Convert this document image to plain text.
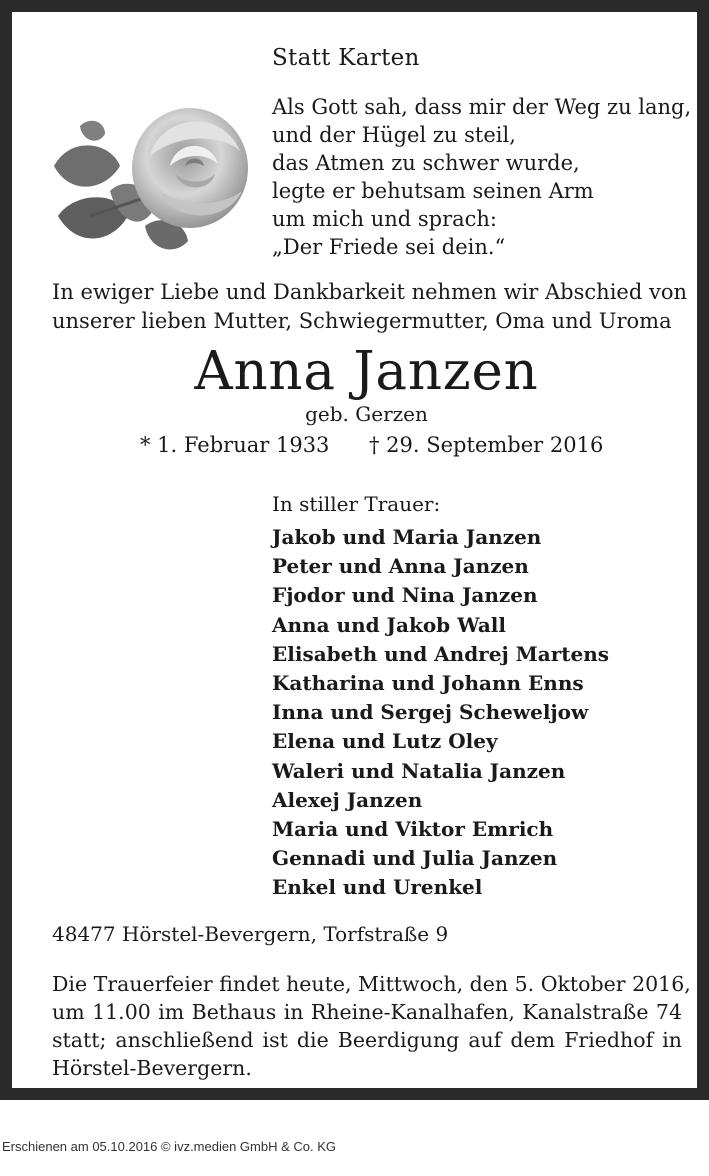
Statt Karten
Als Gott sah, dass mir der Weg zu lang,
und der Hügel zu steil,
das Atmen zu schwer wurde,
legte er behutsam seinen Arm
um mich und sprach:
„Der Friede sei dein.“
In ewiger Liebe und Dankbarkeit nehmen wir Abschied von
unserer lieben Mutter, Schwiegermutter, Oma und Uroma
Anna Janzen
geb. Gerzen
* 1. Februar 1933 † 29. September 2016
In stiller Trauer:
Jakob und Maria Janzen
Peter und Anna Janzen
Fjodor und Nina Janzen
Anna und Jakob Wall
Elisabeth und Andrej Martens
Katharina und Johann Enns
Inna und Sergej Scheweljow
Elena und Lutz Oley
Waleri und Natalia Janzen
Alexej Janzen
Maria und Viktor Emrich
Gennadi und Julia Janzen
Enkel und Urenkel
48477 Hörstel-Bevergern, Torfstraße 9
Die Trauerfeier findet heute, Mittwoch, den 5. Oktober 2016,
um 11.00 im Bethaus in Rheine-Kanalhafen, Kanalstraße 74
statt; anschließend ist die Beerdigung auf dem Friedhof in
Hörstel-Bevergern.
Erschienen am 05.10.2016 © ivz.medien GmbH & Co. KG
